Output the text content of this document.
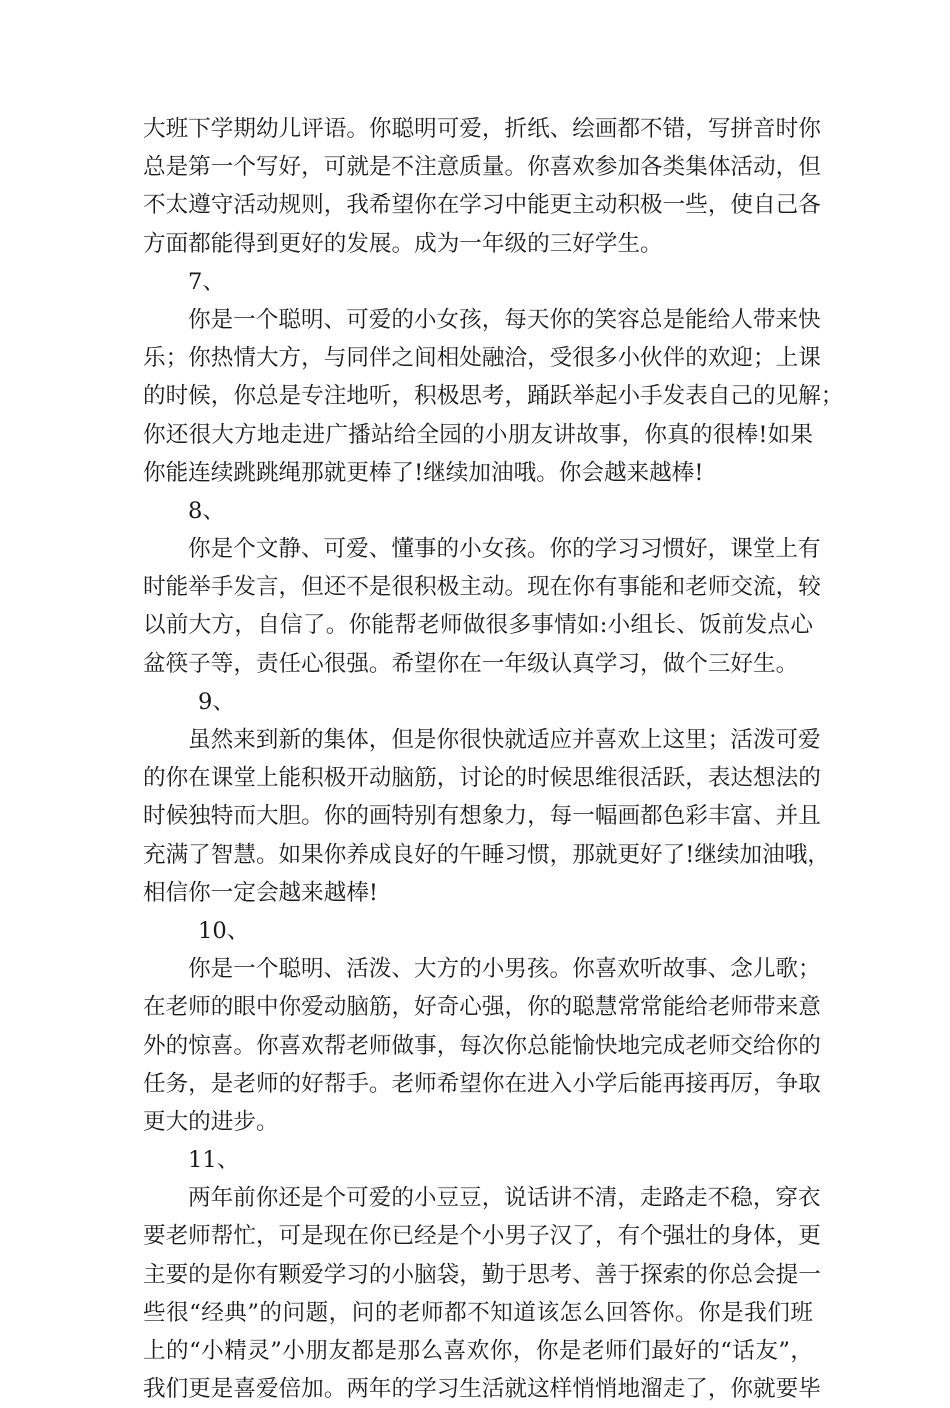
大班下学期幼儿评语。你聪明可爱，折纸、绘画都不错，写拼音时你
总是第一个写好，可就是不注意质量。你喜欢参加各类集体活动，但
不太遵守活动规则，我希望你在学习中能更主动积极一些，使自己各
方面都能得到更好的发展。成为一年级的三好学生。
7、
你是一个聪明、可爱的小女孩，每天你的笑容总是能给人带来快
乐；你热情大方，与同伴之间相处融洽，受很多小伙伴的欢迎；上课
的时候，你总是专注地听，积极思考，踊跃举起小手发表自己的见解；
你还很大方地走进广播站给全园的小朋友讲故事，你真的很棒!如果
你能连续跳跳绳那就更棒了!继续加油哦。你会越来越棒!
8、
你是个文静、可爱、懂事的小女孩。你的学习习惯好，课堂上有
时能举手发言，但还不是很积极主动。现在你有事能和老师交流，较
以前大方，自信了。你能帮老师做很多事情如:小组长、饭前发点心
盆筷子等，责任心很强。希望你在一年级认真学习，做个三好生。
9、
虽然来到新的集体，但是你很快就适应并喜欢上这里；活泼可爱
的你在课堂上能积极开动脑筋，讨论的时候思维很活跃，表达想法的
时候独特而大胆。你的画特别有想象力，每一幅画都色彩丰富、并且
充满了智慧。如果你养成良好的午睡习惯，那就更好了!继续加油哦，
相信你一定会越来越棒!
10、
你是一个聪明、活泼、大方的小男孩。你喜欢听故事、念儿歌；
在老师的眼中你爱动脑筋，好奇心强，你的聪慧常常能给老师带来意
外的惊喜。你喜欢帮老师做事，每次你总能愉快地完成老师交给你的
任务，是老师的好帮手。老师希望你在进入小学后能再接再厉，争取
更大的进步。
11、
两年前你还是个可爱的小豆豆，说话讲不清，走路走不稳，穿衣
要老师帮忙，可是现在你已经是个小男子汉了，有个强壮的身体，更
主要的是你有颗爱学习的小脑袋，勤于思考、善于探索的你总会提一
些很“经典”的问题，问的老师都不知道该怎么回答你。你是我们班
上的“小精灵”小朋友都是那么喜欢你，你是老师们最好的“话友”，
我们更是喜爱倍加。两年的学习生活就这样悄悄地溜走了，你就要毕
